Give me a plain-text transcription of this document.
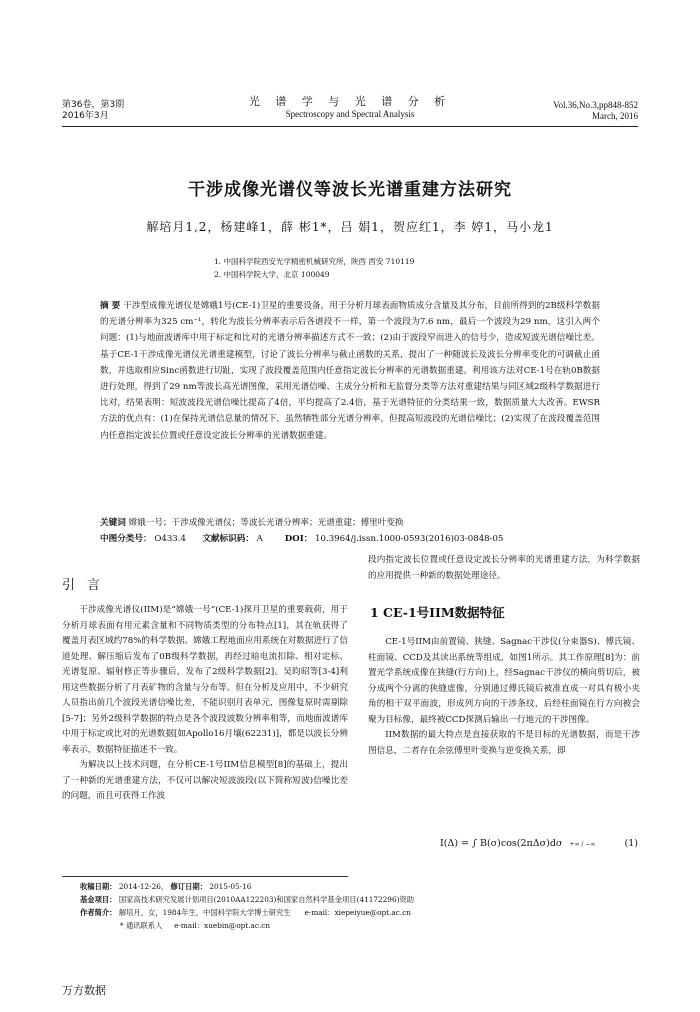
第36卷，第3期
2016年3月
光 谱 学 与 光 谱 分 析
Spectroscopy and Spectral Analysis
Vol.36,No.3,pp848-852
March, 2016
干涉成像光谱仪等波长光谱重建方法研究
解培月1,2，杨建峰1，薛 彬1*，吕 娟1，贺应红1，李 婷1，马小龙1
1. 中国科学院西安光学精密机械研究所，陕西 西安 710119
2. 中国科学院大学，北京 100049
摘 要 干涉型成像光谱仪是嫦娥1号(CE-1)卫星的重要设备，用于分析月球表面物质成分含量及其分布，目前所得到的2B级科学数据的光谱分辨率为325 cm⁻¹，转化为波长分辨率表示后各谱段不一样，第一个波段为7.6 nm，最后一个波段为29 nm，这引入两个问题：(1)与地面波谱库中用于标定和比对的光谱分辨率描述方式不一致；(2)由于波段窄而进入的信号少，造成短波光谱信噪比差。基于CE-1干涉成像光谱仪光谱重建模型，讨论了波长分辨率与截止函数的关系，提出了一种随波长及波长分辨率变化的可调截止函数，并选取相应Sinc函数进行切趾，实现了波段覆盖范围内任意指定波长分辨率的光谱数据重建。利用该方法对CE-1号在轨0B数据进行处理，得到了29 nm等波长高光谱图像，采用光谱信噪、主成分分析和无监督分类等方法对重建结果与同区域2级科学数据进行比对，结果表明：短波波段光谱信噪比提高了4倍，平均提高了2.4倍，基于光谱特征的分类结果一致，数据质量大大改善。EWSR方法的优点有：(1)在保持光谱信息量的情况下，虽然牺牲部分光谱分辨率，但提高短波段的光谱信噪比；(2)实现了在波段覆盖范围内任意指定波长位置或任意设定波长分辨率的光谱数据重建。
关键词 嫦娥一号；干涉成像光谱仪；等波长光谱分辨率；光谱重建；傅里叶变换
中图分类号： O433.4 文献标识码： A	DOI： 10.3964/j.issn.1000-0593(2016)03-0848-05
引言

干涉成像光谱仪(IIM)是“嫦娥一号”(CE-1)探月卫星的重要载荷，用于分析月球表面有用元素含量和不同物质类型的分布特点[1]，其在轨获得了覆盖月表区域约78%的科学数据。嫦娥工程地面应用系统在对数据进行了信道处理、解压缩后发布了0B级科学数据，再经过暗电流扣除、相对定标、光谱复原、辐射修正等步骤后，发布了2级科学数据[2]。吴昀昭等[3-4]利用这些数据分析了月表矿物的含量与分布等。但在分析及应用中，不少研究人员指出前几个波段光谱信噪比差，不能识别月表单元，图像复原时需剔除[5-7]；另外2级科学数据的特点是各个波段波数分辨率相等，而地面波谱库中用于标定或比对的光谱数据[如Apollo16月壤(62231)]，都是以波长分辨率表示，数据特征描述不一致。

为解决以上技术问题，在分析CE-1号IIM信息模型[8]的基础上，提出了一种新的光谱重建方法，不仅可以解决短波波段(以下简称短波)信噪比差的问题，而且可获得工作波

段内指定波长位置或任意设定波长分辨率的光谱重建方法，为科学数据的应用提供一种新的数据处理途径。

1 CE-1号IIM数据特征

CE-1号IIM由前置镜、狭缝、Sagnac干涉仪(分束器S)、傅氏镜、柱面镜、CCD及其读出系统等组成，如图1所示。其工作原理[8]为：前置光学系统成像在狭缝(行方向)上，经Sagnac干涉仪的横向剪切后，被分成两个分离的狭缝虚像，分别通过傅氏镜后被准直成一对具有极小夹角的相干双平面波，形成列方向的干涉条纹，后经柱面镜在行方向被会聚为目标像，最终被CCD探测后输出一行地元的干涉图像。

IIM数据的最大特点是直接获取的不是目标的光谱数据，而是干涉图信息，二者存在余弦傅里叶变换与逆变换关系，即

I(Δ) = ∫ B(σ)cos(2πΔσ)dσ +∞ / −∞	(1)
收稿日期： 2014-12-26， 修订日期： 2015-05-16
基金项目： 国家高技术研究发展计划项目(2010AA122203)和国家自然科学基金项目(41172296)资助
作者简介： 解培月，女，1984年生，中国科学院大学博士研究生 e-mail：xiepeiyue@opt.ac.cn
* 通讯联系人 e-mail：xuebin@opt.ac.cn
万方数据
